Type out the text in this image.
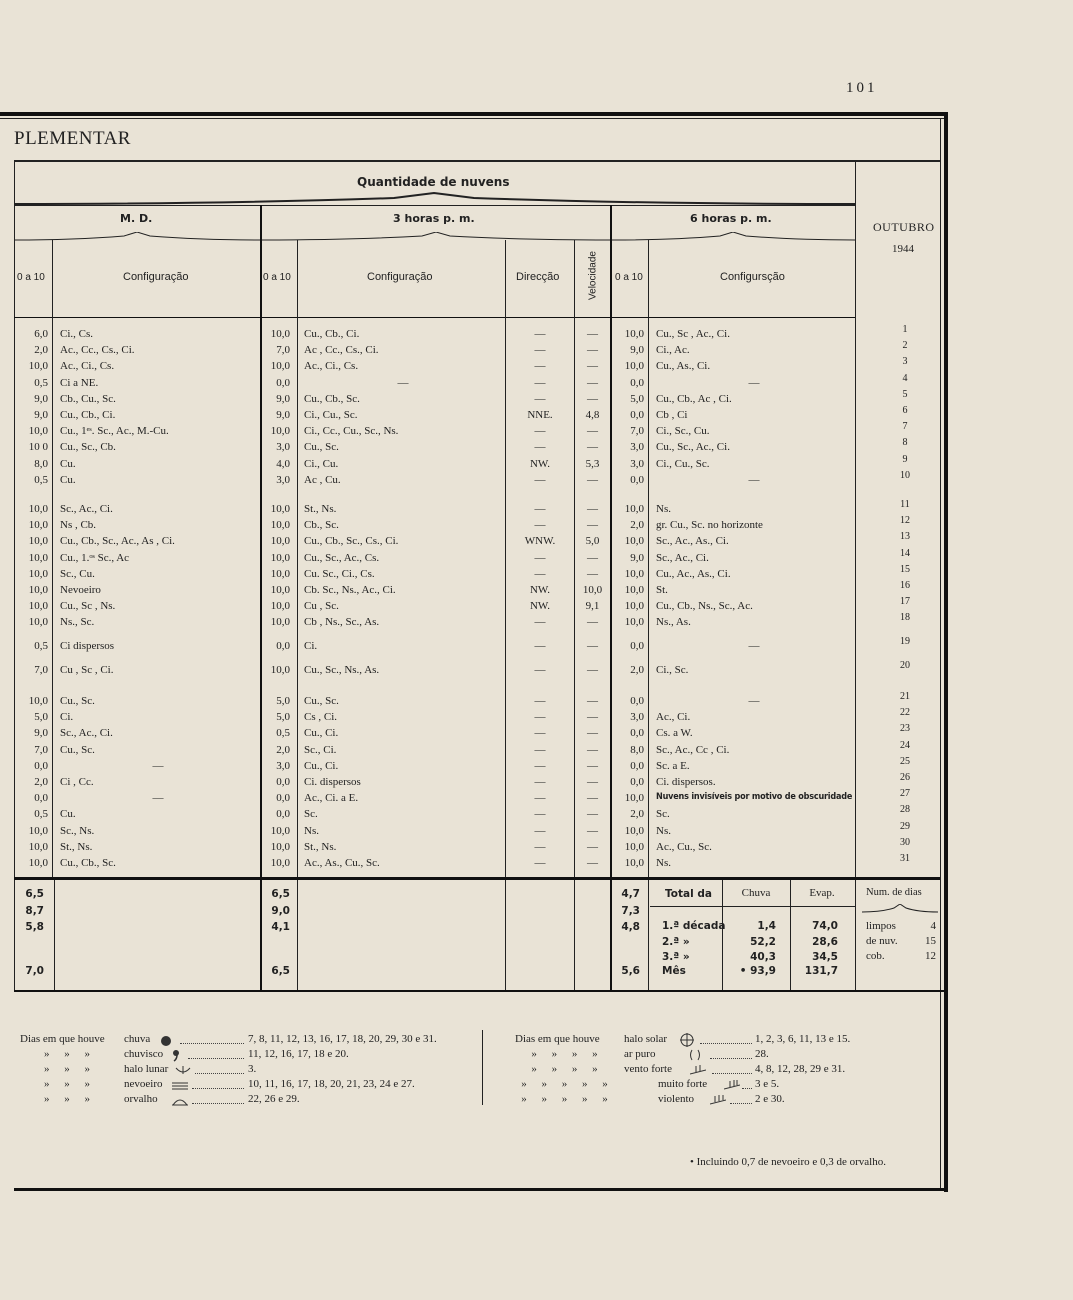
101
PLEMENTAR
Quantidade de nuvens
M. D.	3 horas p. m.	6 horas p. m.
OUTUBRO
1944
0 a 10	Configuração	0 a 10	Configuração	Direcção	Velocidade 0 a 10	Configursção
6,0 Ci., Cs.	10,0 Cu., Cb., Ci.	—	—	10,0 Cu., Sc , Ac., Ci.	1
2,0 Ac., Cc., Cs., Ci.	7,0 Ac , Cc., Cs., Ci.	—	—	9,0 Ci., Ac.	2
10,0 Ac., Ci., Cs.	10,0 Ac., Ci., Cs.	—	—	10,0 Cu., As., Ci.	3
0,5 Ci a NE.	0,0	—	—	—	0,0	—	4
9,0 Cb., Cu., Sc.	9,0 Cu., Cb., Sc.	—	—	5,0 Cu., Cb., Ac , Ci.	5
9,0 Cu., Cb., Ci.	9,0 Ci., Cu., Sc.	NNE.	4,8	0,0 Cb , Ci	6
10,0 Cu., 1ᵉˢ. Sc., Ac., M.-Cu.	10,0 Ci., Cc., Cu., Sc., Ns.	—	—	7,0 Ci., Sc., Cu.	7
10 0 Cu., Sc., Cb.	3,0 Cu., Sc.	—	—	3,0 Cu., Sc., Ac., Ci.	8
8,0 Cu.	4,0 Ci., Cu.	NW.	5,3	3,0 Ci., Cu., Sc.	9
0,5 Cu.	3,0 Ac , Cu.	—	—	0,0	—	10
10,0 Sc., Ac., Ci.	10,0 St., Ns.	—	—	10,0 Ns.	11
10,0 Ns , Cb.	10,0 Cb., Sc.	—	—	2,0 gr. Cu., Sc. no horizonte	12
10,0 Cu., Cb., Sc., Ac., As , Ci.	10,0 Cu., Cb., Sc., Cs., Ci.	WNW.	5,0	10,0 Sc., Ac., As., Ci.	13
10,0 Cu., 1.ᵒˢ Sc., Ac	10,0 Cu., Sc., Ac., Cs.	—	—	9,0 Sc., Ac., Ci.	14
10,0 Sc., Cu.	10,0 Cu. Sc., Ci., Cs.	—	—	10,0 Cu., Ac., As., Ci.	15
10,0 Nevoeiro	10,0 Cb. Sc., Ns., Ac., Ci.	NW.	10,0	10,0 St.	16
10,0 Cu., Sc , Ns.	10,0 Cu , Sc.	NW.	9,1	10,0 Cu., Cb., Ns., Sc., Ac.	17
10,0 Ns., Sc.	10,0 Cb , Ns., Sc., As.	—	—	10,0 Ns., As.	18
0,5 Ci dispersos	0,0 Ci.	—	—	0,0	—	19
7,0 Cu , Sc , Ci.	10,0 Cu., Sc., Ns., As.	—	—	2,0 Ci., Sc.	20
10,0 Cu., Sc.	5,0 Cu., Sc.	—	—	0,0	—	21
5,0 Ci.	5,0 Cs , Ci.	—	—	3,0 Ac., Ci.	22
9,0 Sc., Ac., Ci.	0,5 Cu., Ci.	—	—	0,0 Cs. a W.	23
7,0 Cu., Sc.	2,0 Sc., Ci.	—	—	8,0 Sc., Ac., Cc , Ci.	24
0,0	—	3,0 Cu., Ci.	—	—	0,0 Sc. a E.	25
2,0 Ci , Cc.	0,0 Ci. dispersos	—	—	0,0 Ci. dispersos.	26
0,0	—	0,0 Ac., Ci. a E.	—	—	10,0 Nuvens invisíveis por motivo de obscuridade	27
0,5 Cu.	0,0 Sc.	—	—	2,0 Sc.	28
10,0 Sc., Ns.	10,0 Ns.	—	—	10,0 Ns.	29
10,0 St., Ns.	10,0 St., Ns.	—	—	10,0 Ac., Cu., Sc.	30
10,0 Cu., Cb., Sc.	10,0 Ac., As., Cu., Sc.	—	—	10,0 Ns.	31
6,5	6,5	4,7
8,7	9,0	7,3
5,8	4,1	4,8
7,0	6,5	5,6
Total da	Chuva	Evap.
1.ª década	1,4	74,0
2.ª »	52,2	28,6
3.ª »	40,3	34,5
Mês	• 93,9	131,7
Num. de dias
limpos	4
de nuv.	15
cob.	12
Dias em que houve	chuva	7, 8, 11, 12, 13, 16, 17, 18, 20, 29, 30 e 31.
» » »	chuvisco	11, 12, 16, 17, 18 e 20.
» » »	halo lunar	3.
» » »	nevoeiro	10, 11, 16, 17, 18, 20, 21, 23, 24 e 27.
» » »	orvalho	22, 26 e 29.
Dias em que houve	halo solar	1, 2, 3, 6, 11, 13 e 15.
» » » »	ar puro	28.
» » » »	vento forte	4, 8, 12, 28, 29 e 31.
» » » » »	muito forte	3 e 5.
» » » » »	violento	2 e 30.
• Incluindo 0,7 de nevoeiro e 0,3 de orvalho.
